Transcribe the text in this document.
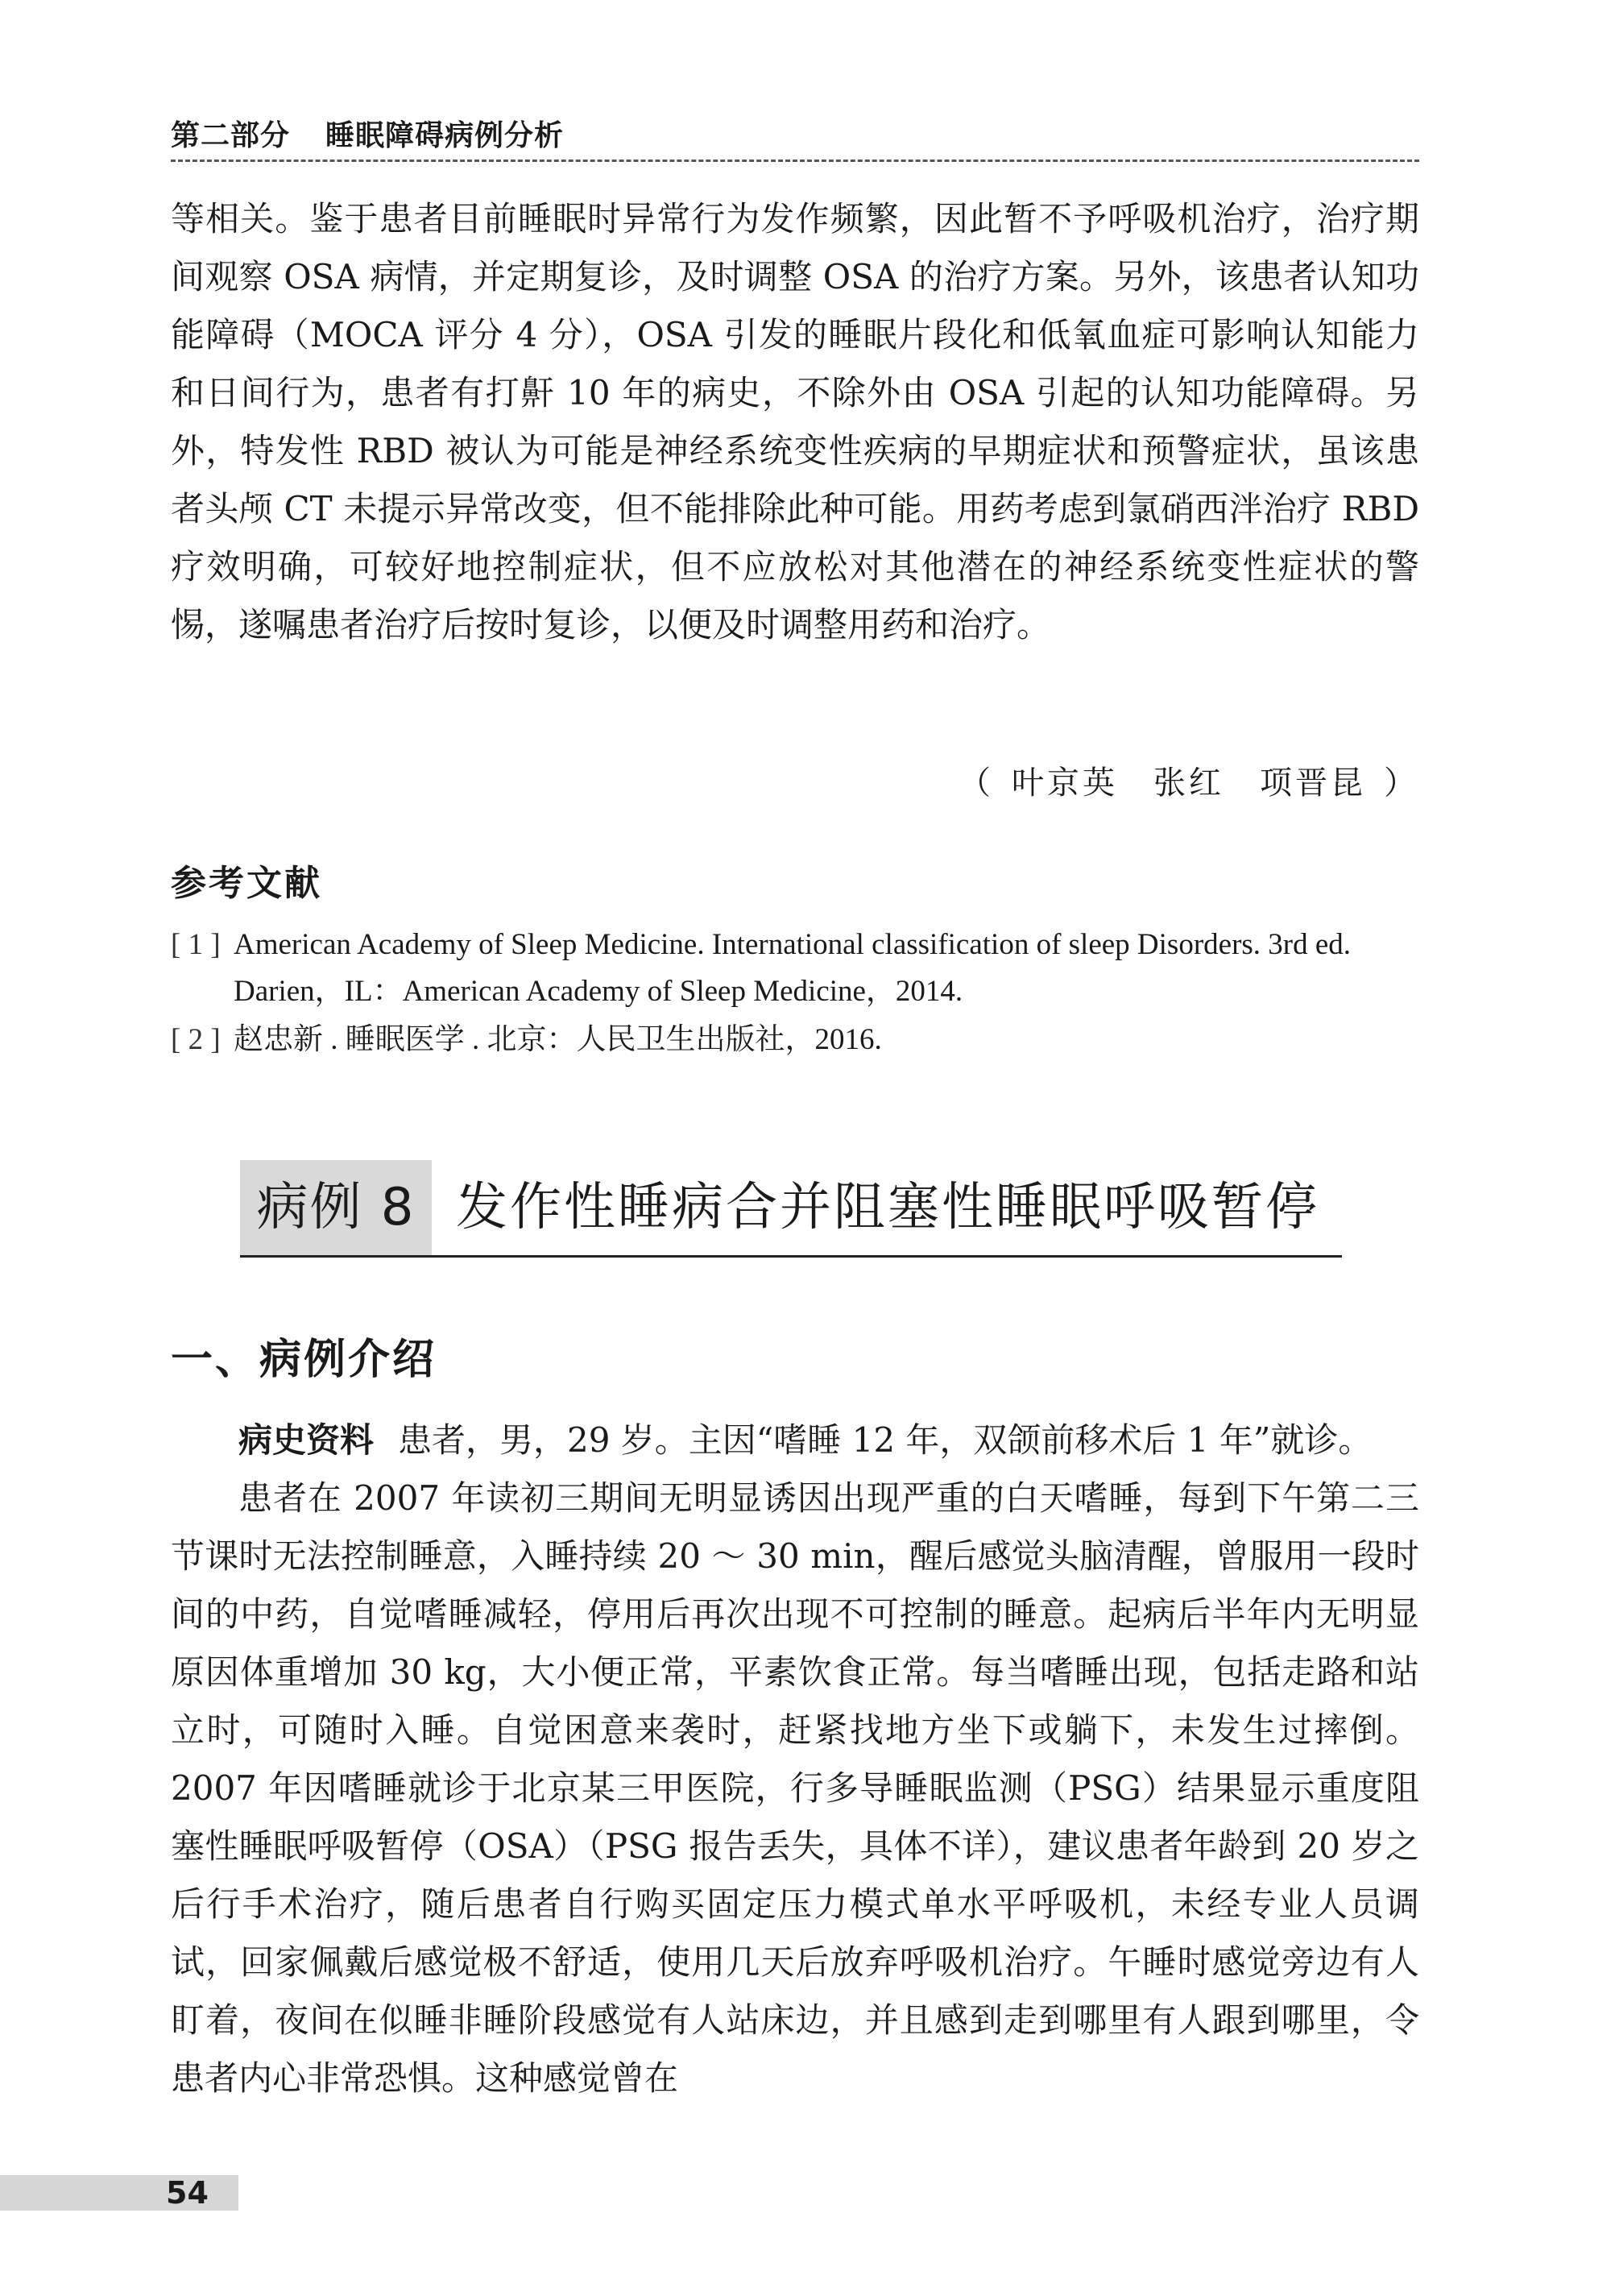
第二部分 睡眠障碍病例分析

等相关。鉴于患者目前睡眠时异常行为发作频繁，因此暂不予呼吸机治疗，治疗期间观察 OSA 病情，并定期复诊，及时调整 OSA 的治疗方案。另外，该患者认知功能障碍（MOCA 评分 4 分），OSA 引发的睡眠片段化和低氧血症可影响认知能力和日间行为，患者有打鼾 10 年的病史，不除外由 OSA 引起的认知功能障碍。另外，特发性 RBD 被认为可能是神经系统变性疾病的早期症状和预警症状，虽该患者头颅 CT 未提示异常改变，但不能排除此种可能。用药考虑到氯硝西泮治疗 RBD 疗效明确，可较好地控制症状，但不应放松对其他潜在的神经系统变性症状的警惕，遂嘱患者治疗后按时复诊，以便及时调整用药和治疗。

（ 叶京英 张红 项晋昆 ）
参考文献
[ 1 ] American Academy of Sleep Medicine. International classification of sleep Disorders. 3rd ed.
Darien，IL：American Academy of Sleep Medicine，2014.
[ 2 ] 赵忠新 . 睡眠医学 . 北京：人民卫生出版社，2016.
病例 8 发作性睡病合并阻塞性睡眠呼吸暂停
一、病例介绍

病史资料 患者，男，29 岁。主因“嗜睡 12 年，双颌前移术后 1 年”就诊。

患者在 2007 年读初三期间无明显诱因出现严重的白天嗜睡，每到下午第二三节课时无法控制睡意，入睡持续 20 ～ 30 min，醒后感觉头脑清醒，曾服用一段时间的中药，自觉嗜睡减轻，停用后再次出现不可控制的睡意。起病后半年内无明显原因体重增加 30 kg，大小便正常，平素饮食正常。每当嗜睡出现，包括走路和站立时，可随时入睡。自觉困意来袭时，赶紧找地方坐下或躺下，未发生过摔倒。2007 年因嗜睡就诊于北京某三甲医院，行多导睡眠监测（PSG）结果显示重度阻塞性睡眠呼吸暂停（OSA）（PSG 报告丢失，具体不详），建议患者年龄到 20 岁之后行手术治疗，随后患者自行购买固定压力模式单水平呼吸机，未经专业人员调试，回家佩戴后感觉极不舒适，使用几天后放弃呼吸机治疗。午睡时感觉旁边有人盯着，夜间在似睡非睡阶段感觉有人站床边，并且感到走到哪里有人跟到哪里，令患者内心非常恐惧。这种感觉曾在

54
